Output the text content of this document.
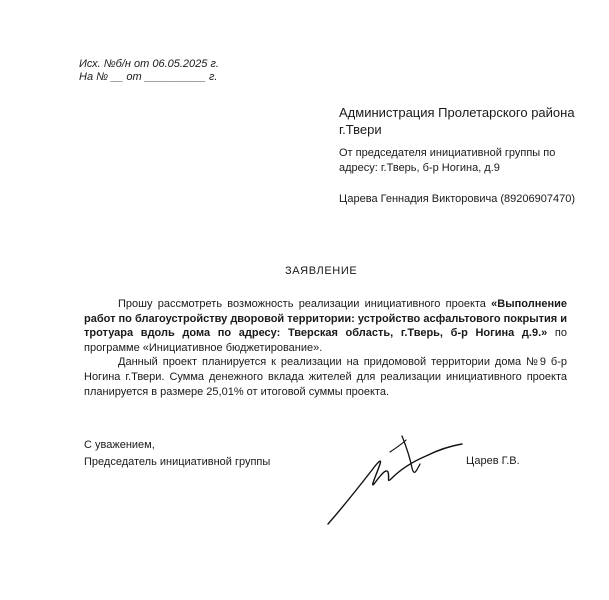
Исх. №б/н от 06.05.2025 г.
На № __ от __________ г.
Администрация Пролетарского района
г.Твери
От председателя инициативной группы по
адресу: г.Тверь, б-р Ногина, д.9
Царева Геннадия Викторовича (89206907470)
ЗАЯВЛЕНИЕ

Прошу рассмотреть возможность реализации инициативного проекта «Выполнение работ по благоустройству дворовой территории: устройство асфальтового покрытия и тротуара вдоль дома по адресу: Тверская область, г.Тверь, б-р Ногина д.9.» по программе «Инициативное бюджетирование».

Данный проект планируется к реализации на придомовой территории дома №9 б-р Ногина г.Твери. Сумма денежного вклада жителей для реализации инициативного проекта планируется в размере 25,01% от итоговой суммы проекта.

С уважением,
Председатель инициативной группы	Царев Г.В.
